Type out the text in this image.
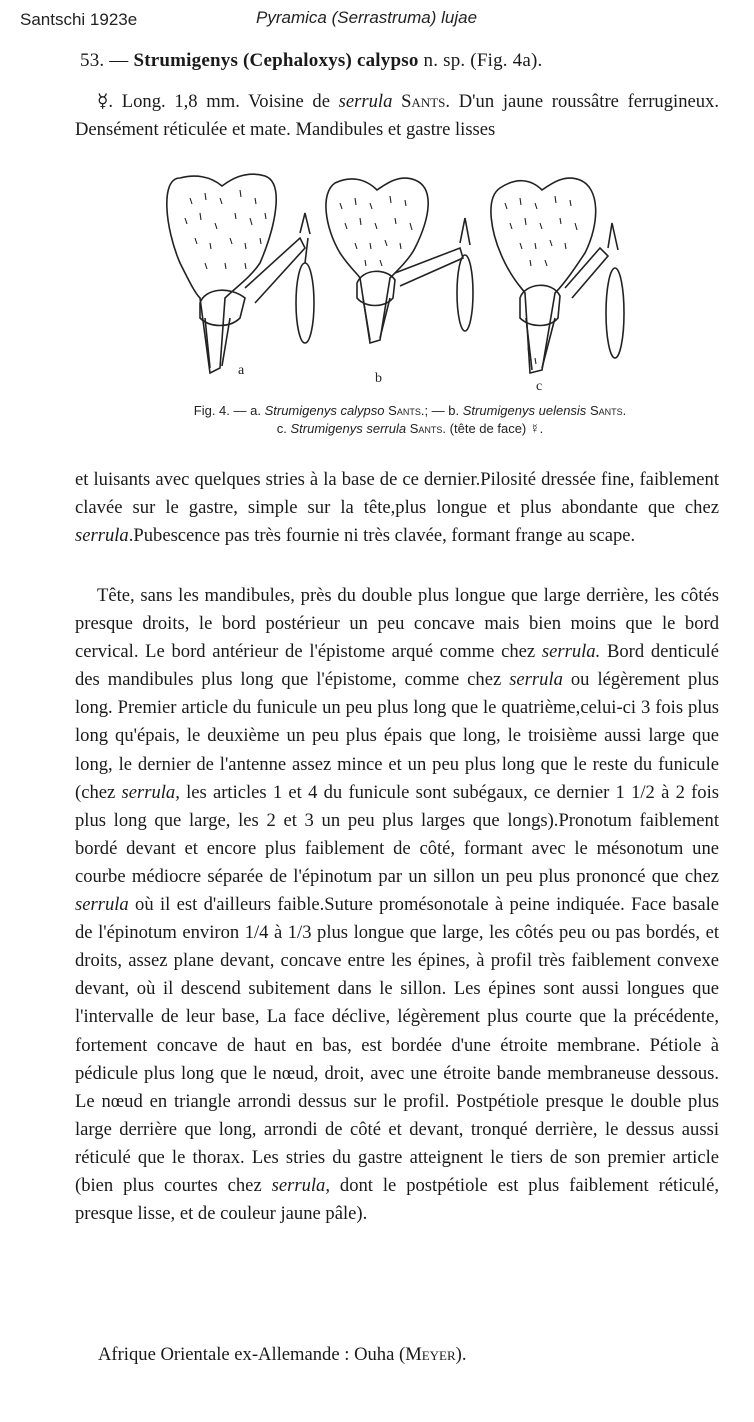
Santschi 1923e	Pyramica (Serrastruma) lujae
53. — Strumigenys (Cephaloxys) calypso n. sp. (Fig. 4a).
☿. Long. 1,8 mm. Voisine de serrula Sants. D'un jaune roussâtre ferrugineux. Densément réticulée et mate. Mandibules et gastre lisses
a
b
c
Fig. 4. — a. Strumigenys calypso Sants.; — b. Strumigenys uelensis Sants.
c. Strumigenys serrula Sants. (tête de face) ☿.
et luisants avec quelques stries à la base de ce dernier.Pilosité dressée fine, faiblement clavée sur le gastre, simple sur la tête,plus longue et plus abondante que chez serrula.Pubescence pas très fournie ni très clavée, formant frange au scape.
Tête, sans les mandibules, près du double plus longue que large derrière, les côtés presque droits, le bord postérieur un peu concave mais bien moins que le bord cervical. Le bord antérieur de l'épistome arqué comme chez serrula. Bord denticulé des mandibules plus long que l'épistome, comme chez serrula ou légèrement plus long. Premier article du funicule un peu plus long que le quatrième,celui-ci 3 fois plus long qu'épais, le deuxième un peu plus épais que long, le troisième aussi large que long, le dernier de l'antenne assez mince et un peu plus long que le reste du funicule (chez serrula, les articles 1 et 4 du funicule sont subégaux, ce dernier 1 1/2 à 2 fois plus long que large, les 2 et 3 un peu plus larges que longs).Pronotum faiblement bordé devant et encore plus faiblement de côté, formant avec le mésonotum une courbe médiocre séparée de l'épinotum par un sillon un peu plus prononcé que chez serrula où il est d'ailleurs faible.Suture promésonotale à peine indiquée. Face basale de l'épinotum environ 1/4 à 1/3 plus longue que large, les côtés peu ou pas bordés, et droits, assez plane devant, concave entre les épines, à profil très faiblement convexe devant, où il descend subitement dans le sillon. Les épines sont aussi longues que l'intervalle de leur base, La face déclive, légèrement plus courte que la précédente, fortement concave de haut en bas, est bordée d'une étroite membrane. Pétiole à pédicule plus long que le nœud, droit, avec une étroite bande membraneuse dessous. Le nœud en triangle arrondi dessus sur le profil. Postpétiole presque le double plus large derrière que long, arrondi de côté et devant, tronqué derrière, le dessus aussi réticulé que le thorax. Les stries du gastre atteignent le tiers de son premier article (bien plus courtes chez serrula, dont le postpétiole est plus faiblement réticulé, presque lisse, et de couleur jaune pâle).
Afrique Orientale ex-Allemande : Ouha (Meyer).
